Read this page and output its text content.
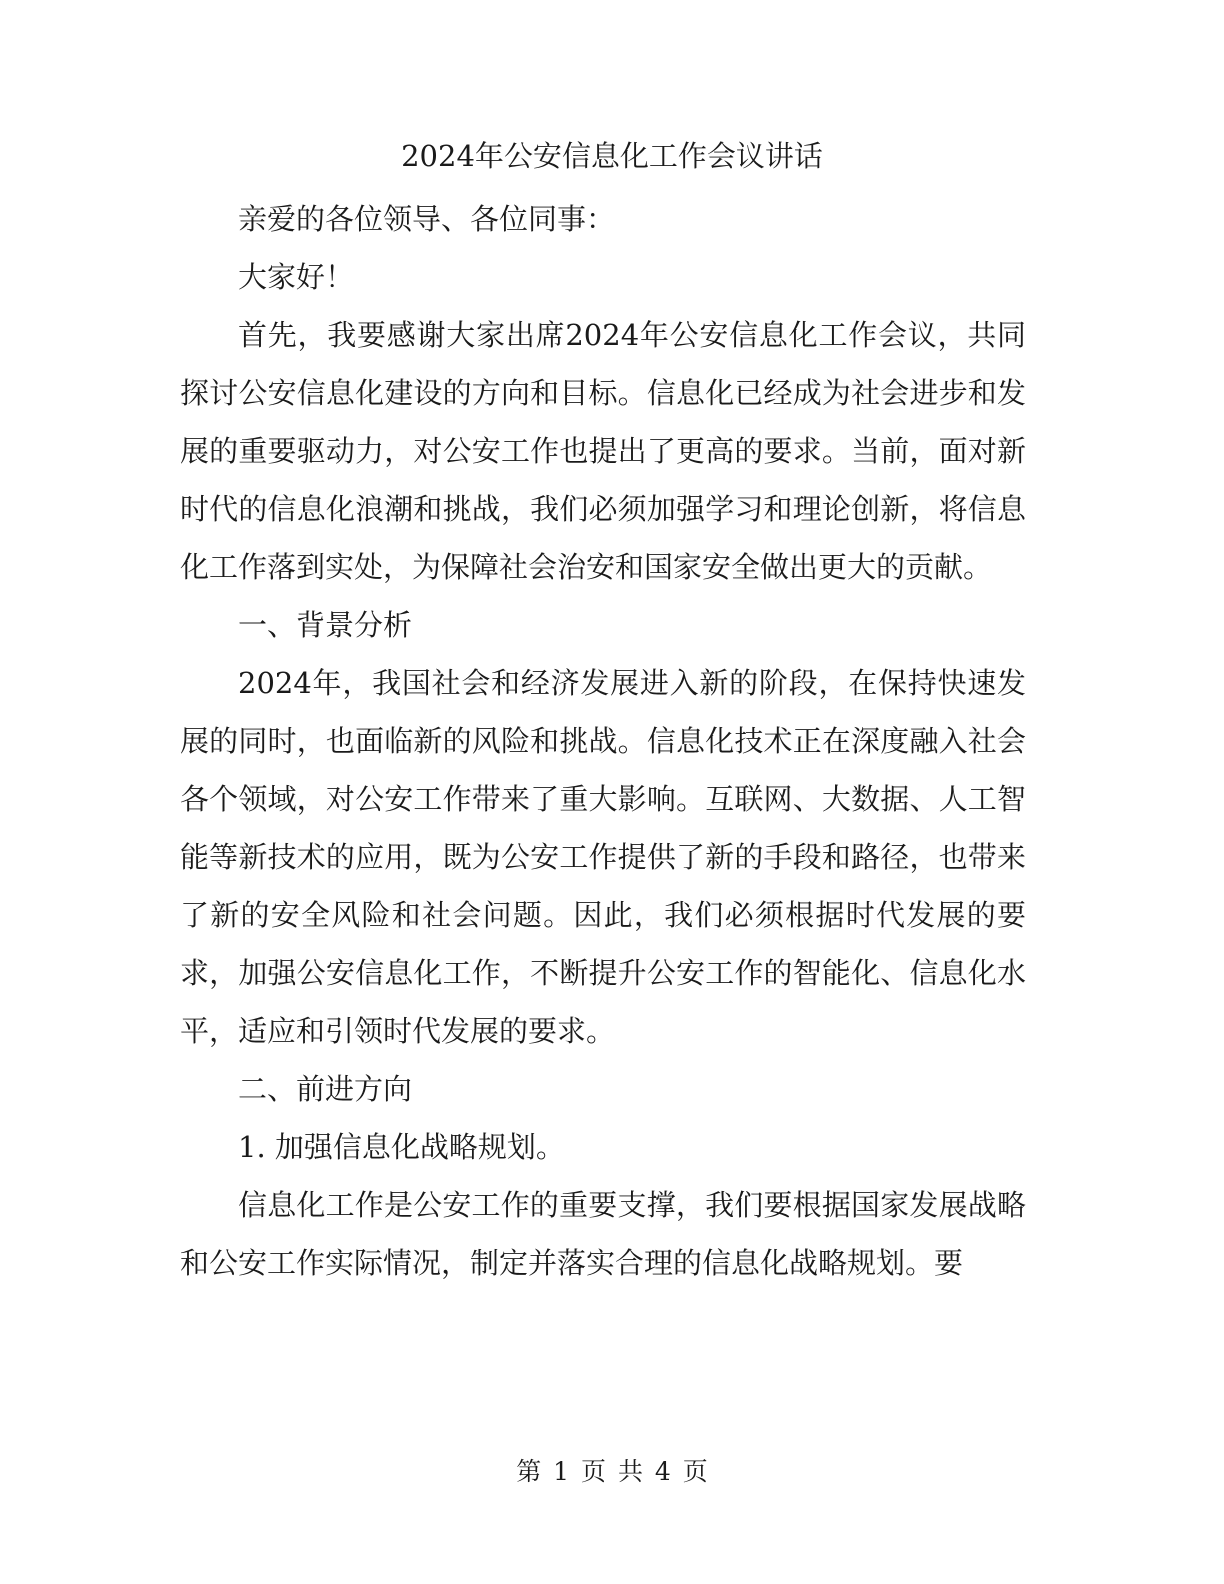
2024年公安信息化工作会议讲话

亲爱的各位领导、各位同事：

大家好！

首先，我要感谢大家出席2024年公安信息化工作会议，共同探讨公安信息化建设的方向和目标。信息化已经成为社会进步和发展的重要驱动力，对公安工作也提出了更高的要求。当前，面对新时代的信息化浪潮和挑战，我们必须加强学习和理论创新，将信息化工作落到实处，为保障社会治安和国家安全做出更大的贡献。

一、背景分析

2024年，我国社会和经济发展进入新的阶段，在保持快速发展的同时，也面临新的风险和挑战。信息化技术正在深度融入社会各个领域，对公安工作带来了重大影响。互联网、大数据、人工智能等新技术的应用，既为公安工作提供了新的手段和路径，也带来了新的安全风险和社会问题。因此，我们必须根据时代发展的要求，加强公安信息化工作，不断提升公安工作的智能化、信息化水平，适应和引领时代发展的要求。

二、前进方向

1. 加强信息化战略规划。

信息化工作是公安工作的重要支撑，我们要根据国家发展战略和公安工作实际情况，制定并落实合理的信息化战略规划。要

第 1 页 共 4 页
